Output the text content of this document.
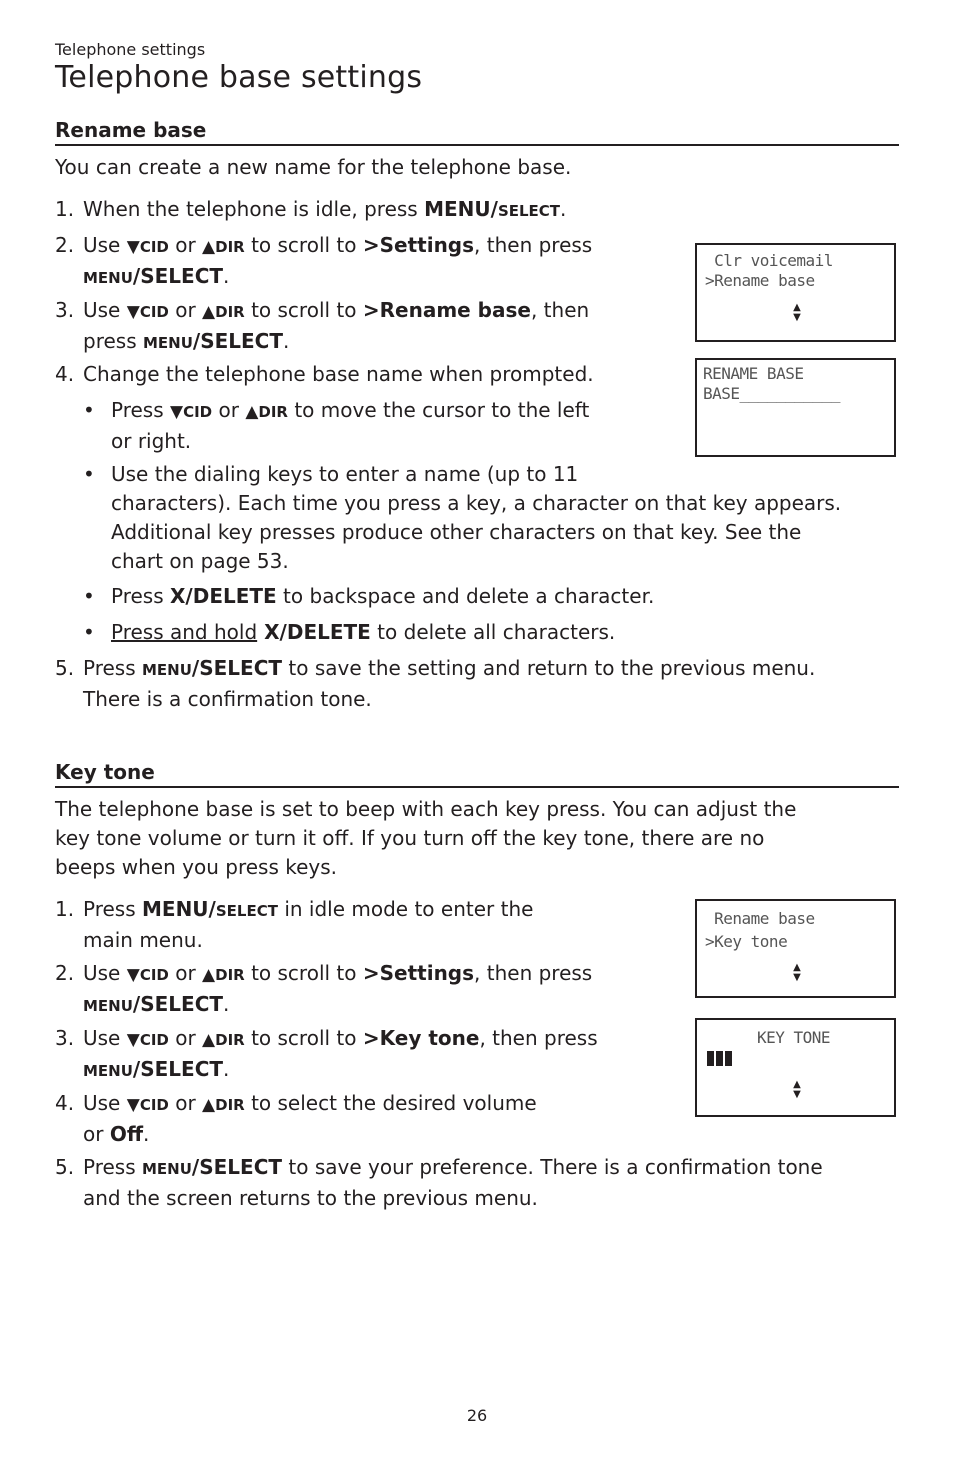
Telephone settings
Telephone base settings
Rename base
You can create a new name for the telephone base.
1. When the telephone is idle, press MENU/SELECT.
2. Use ▼CID or ▲DIR to scroll to >Settings, then press
MENU/SELECT.
3. Use ▼CID or ▲DIR to scroll to >Rename base, then
press MENU/SELECT.
4. Change the telephone base name when prompted.
• Press ▼CID or ▲DIR to move the cursor to the left
or right.
• Use the dialing keys to enter a name (up to 11
characters). Each time you press a key, a character on that key appears.
Additional key presses produce other characters on that key. See the
chart on page 53.
• Press X/DELETE to backspace and delete a character.
• Press and hold X/DELETE to delete all characters.
5. Press MENU/SELECT to save the setting and return to the previous menu.
There is a confirmation tone.
Clr voicemail
>Rename base
▲
▼
RENAME BASE
BASE___________
Key tone
The telephone base is set to beep with each key press. You can adjust the
key tone volume or turn it off. If you turn off the key tone, there are no
beeps when you press keys.
1. Press MENU/SELECT in idle mode to enter the
main menu.
2. Use ▼CID or ▲DIR to scroll to >Settings, then press
MENU/SELECT.
3. Use ▼CID or ▲DIR to scroll to >Key tone, then press
MENU/SELECT.
4. Use ▼CID or ▲DIR to select the desired volume
or Off.
5. Press MENU/SELECT to save your preference. There is a confirmation tone
and the screen returns to the previous menu.
Rename base
>Key tone
▲
▼
KEY TONE
▲
▼
26
